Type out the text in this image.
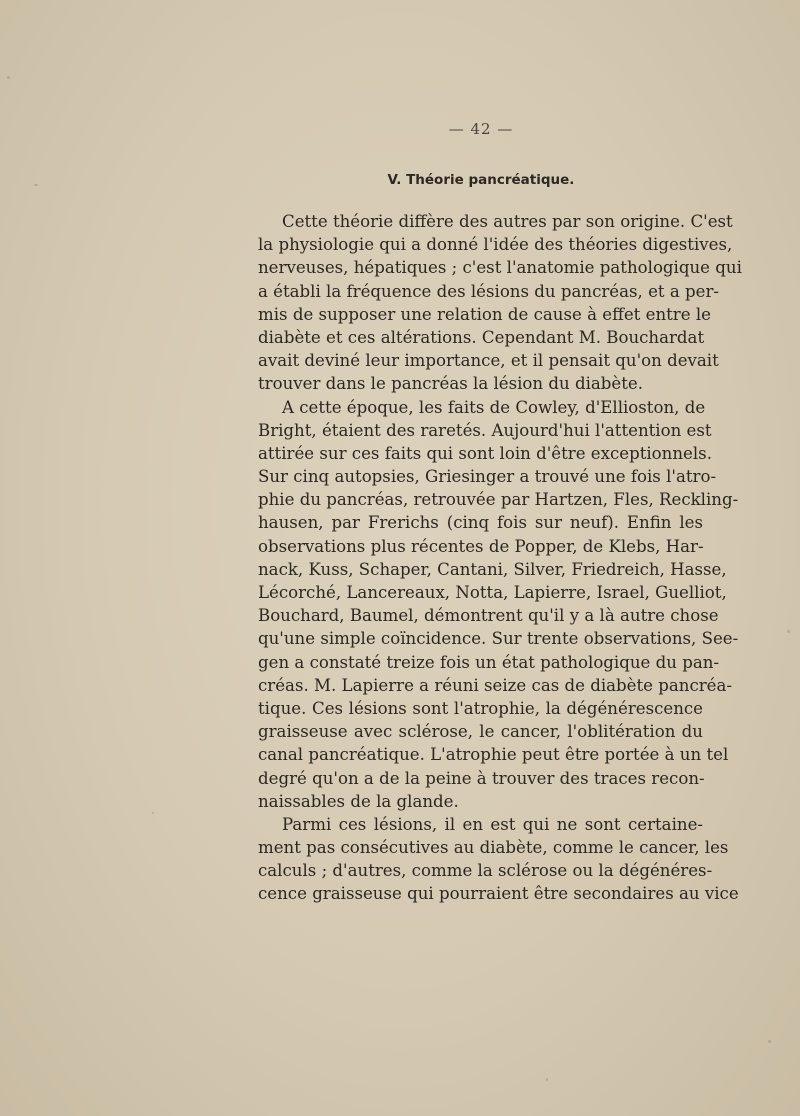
— 42 —
V. Théorie pancréatique.
Cette théorie diffère des autres par son origine. C'est
la physiologie qui a donné l'idée des théories digestives,
nerveuses, hépatiques ; c'est l'anatomie pathologique qui
a établi la fréquence des lésions du pancréas, et a per-
mis de supposer une relation de cause à effet entre le
diabète et ces altérations. Cependant M. Bouchardat
avait deviné leur importance, et il pensait qu'on devait
trouver dans le pancréas la lésion du diabète.
A cette époque, les faits de Cowley, d'Ellioston, de
Bright, étaient des raretés. Aujourd'hui l'attention est
attirée sur ces faits qui sont loin d'être exceptionnels.
Sur cinq autopsies, Griesinger a trouvé une fois l'atro-
phie du pancréas, retrouvée par Hartzen, Fles, Reckling-
hausen, par Frerichs (cinq fois sur neuf). Enfin les
observations plus récentes de Popper, de Klebs, Har-
nack, Kuss, Schaper, Cantani, Silver, Friedreich, Hasse,
Lécorché, Lancereaux, Notta, Lapierre, Israel, Guelliot,
Bouchard, Baumel, démontrent qu'il y a là autre chose
qu'une simple coïncidence. Sur trente observations, See-
gen a constaté treize fois un état pathologique du pan-
créas. M. Lapierre a réuni seize cas de diabète pancréa-
tique. Ces lésions sont l'atrophie, la dégénérescence
graisseuse avec sclérose, le cancer, l'oblitération du
canal pancréatique. L'atrophie peut être portée à un tel
degré qu'on a de la peine à trouver des traces recon-
naissables de la glande.
Parmi ces lésions, il en est qui ne sont certaine-
ment pas consécutives au diabète, comme le cancer, les
calculs ; d'autres, comme la sclérose ou la dégénéres-
cence graisseuse qui pourraient être secondaires au vice
